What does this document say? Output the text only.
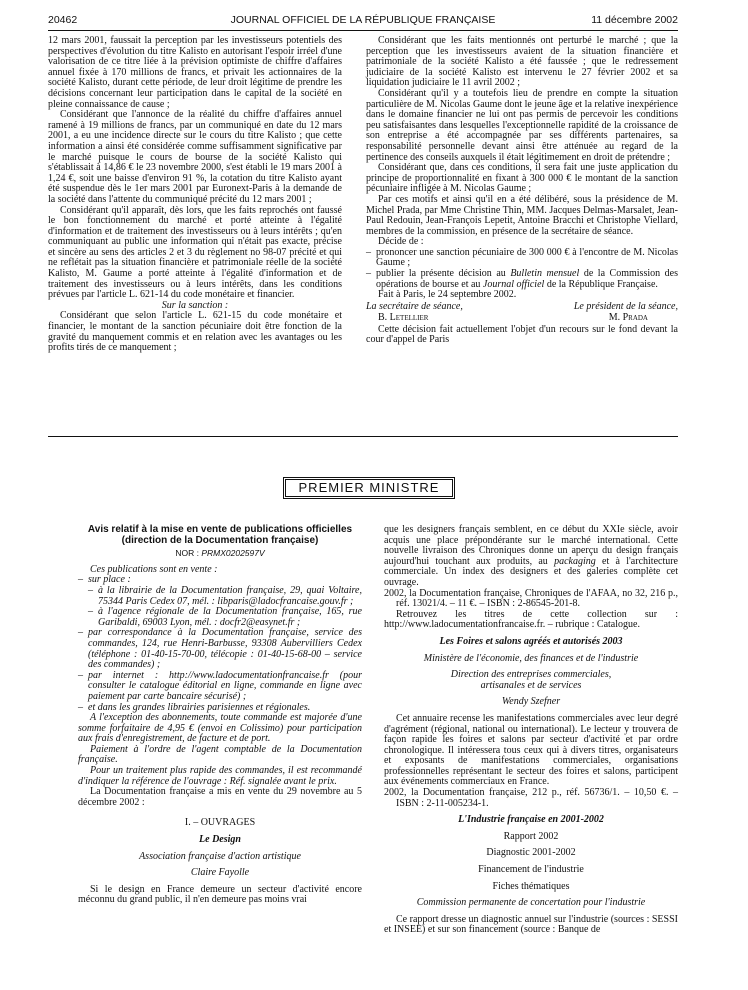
20462	JOURNAL OFFICIEL DE LA RÉPUBLIQUE FRANÇAISE	11 décembre 2002

12 mars 2001, faussait la perception par les investisseurs potentiels des perspectives d'évolution du titre Kalisto en autorisant l'espoir irréel d'une valorisation de ce titre liée à la prévision optimiste de chiffre d'affaires annuel fixée à 170 millions de francs, et privait les actionnaires de la société Kalisto, durant cette période, de leur droit légitime de prendre les décisions concernant leur participation dans le capital de la société en pleine connaissance de cause ;

Considérant que l'annonce de la réalité du chiffre d'affaires annuel ramené à 19 millions de francs, par un communiqué en date du 12 mars 2001, a eu une incidence directe sur le cours du titre Kalisto ; que cette information a ainsi été considérée comme suffisamment significative par le marché puisque le cours de bourse de la société Kalisto qui s'établissait à 14,86 € le 23 novembre 2000, s'est établi le 19 mars 2001 à 1,24 €, soit une baisse d'environ 91 %, la cotation du titre Kalisto ayant été suspendue dès le 1er mars 2001 par Euronext-Paris à la demande de la société dans l'attente du communiqué précité du 12 mars 2001 ;

Considérant qu'il apparaît, dès lors, que les faits reprochés ont faussé le bon fonctionnement du marché et porté atteinte à l'égalité d'information et de traitement des investisseurs ou à leurs intérêts ; qu'en communiquant au public une information qui n'était pas exacte, précise et sincère au sens des articles 2 et 3 du règlement no 98-07 précité et qui ne reflétait pas la situation financière et patrimoniale réelle de la société Kalisto, M. Gaume a porté atteinte à l'égalité d'information et de traitement des investisseurs ou à leurs intérêts, dans les conditions prévues par l'article L. 621-14 du code monétaire et financier.

Sur la sanction :

Considérant que selon l'article L. 621-15 du code monétaire et financier, le montant de la sanction pécuniaire doit être fonction de la gravité du manquement commis et en relation avec les avantages ou les profits tirés de ce manquement ;

Considérant que les faits mentionnés ont perturbé le marché ; que la perception que les investisseurs avaient de la situation financière et patrimoniale de la société Kalisto a été faussée ; que le redressement judiciaire de la société Kalisto est intervenu le 27 février 2002 et sa liquidation judiciaire le 11 avril 2002 ;

Considérant qu'il y a toutefois lieu de prendre en compte la situation particulière de M. Nicolas Gaume dont le jeune âge et la relative inexpérience dans le domaine financier ne lui ont pas permis de percevoir les conditions peu satisfaisantes dans lesquelles l'exceptionnelle rapidité de la croissance de son entreprise a été accompagnée par ses différents partenaires, sa responsabilité personnelle devant ainsi être atténuée au regard de la pertinence des conseils auxquels il était légitimement en droit de prétendre ;

Considérant que, dans ces conditions, il sera fait une juste application du principe de proportionnalité en fixant à 300 000 € le montant de la sanction pécuniaire infligée à M. Nicolas Gaume ;

Par ces motifs et ainsi qu'il en a été délibéré, sous la présidence de M. Michel Prada, par Mme Christine Thin, MM. Jacques Delmas-Marsalet, Jean-Paul Redouin, Jean-François Lepetit, Antoine Bracchi et Christophe Viellard, membres de la commission, en présence de la secrétaire de séance.

Décide de :

– prononcer une sanction pécuniaire de 300 000 € à l'encontre de M. Nicolas Gaume ;

– publier la présente décision au Bulletin mensuel de la Commission des opérations de bourse et au Journal officiel de la République Française.

Fait à Paris, le 24 septembre 2002.

La secrétaire de séance,
B. Letellier
Le président de la séance,
M. Prada

Cette décision fait actuellement l'objet d'un recours sur le fond devant la cour d'appel de Paris

PREMIER MINISTRE
Avis relatif à la mise en vente de publications officielles (direction de la Documentation française)
NOR : PRMX0202597V

Ces publications sont en vente :

– sur place :

– à la librairie de la Documentation française, 29, quai Voltaire, 75344 Paris Cedex 07, mél. : libparis@ladocfrancaise.gouv.fr ;

– à l'agence régionale de la Documentation française, 165, rue Garibaldi, 69003 Lyon, mél. : docfr2@easynet.fr ;

– par correspondance à la Documentation française, service des commandes, 124, rue Henri-Barbusse, 93308 Aubervilliers Cedex (téléphone : 01-40-15-70-00, télécopie : 01-40-15-68-00 – service des commandes) ;

– par internet : http://www.ladocumentationfrancaise.fr (pour consulter le catalogue éditorial en ligne, commande en ligne avec paiement par carte bancaire sécurisé) ;

– et dans les grandes librairies parisiennes et régionales.

A l'exception des abonnements, toute commande est majorée d'une somme forfaitaire de 4,95 € (envoi en Colissimo) pour participation aux frais d'enregistrement, de facture et de port.

Paiement à l'ordre de l'agent comptable de la Documentation française.

Pour un traitement plus rapide des commandes, il est recommandé d'indiquer la référence de l'ouvrage : Réf. signalée avant le prix.

La Documentation française a mis en vente du 29 novembre au 5 décembre 2002 :

I. – OUVRAGES

Le Design

Association française d'action artistique

Claire Fayolle

Si le design en France demeure un secteur d'activité encore méconnu du grand public, il n'en demeure pas moins vrai

que les designers français semblent, en ce début du XXIe siècle, avoir acquis une place prépondérante sur le marché international. Cette nouvelle livraison des Chroniques donne un aperçu du design français aujourd'hui touchant aux produits, au packaging et à l'architecture commerciale. Un index des designers et des galeries complète cet ouvrage.

2002, la Documentation française, Chroniques de l'AFAA, no 32, 216 p., réf. 13021/4. – 11 €. – ISBN : 2-86545-201-8.

Retrouvez les titres de cette collection sur : http://www.ladocumentationfrancaise.fr. – rubrique : Catalogue.

Les Foires et salons agréés et autorisés 2003

Ministère de l'économie, des finances et de l'industrie

Direction des entreprises commerciales, artisanales et de services

Wendy Szefner

Cet annuaire recense les manifestations commerciales avec leur degré d'agrément (régional, national ou international). Le lecteur y trouvera de façon rapide les foires et salons par secteur d'activité et par ordre chronologique. Il intéressera tous ceux qui à divers titres, organisateurs et exposants de manifestations commerciales, organisations professionnelles représentant le secteur des foires et salons, participent aux événements commerciaux en France.

2002, la Documentation française, 212 p., réf. 56736/1. – 10,50 €. – ISBN : 2-11-005234-1.

L'Industrie française en 2001-2002

Rapport 2002

Diagnostic 2001-2002

Financement de l'industrie

Fiches thématiques

Commission permanente de concertation pour l'industrie

Ce rapport dresse un diagnostic annuel sur l'industrie (sources : SESSI et INSEE) et sur son financement (source : Banque de
